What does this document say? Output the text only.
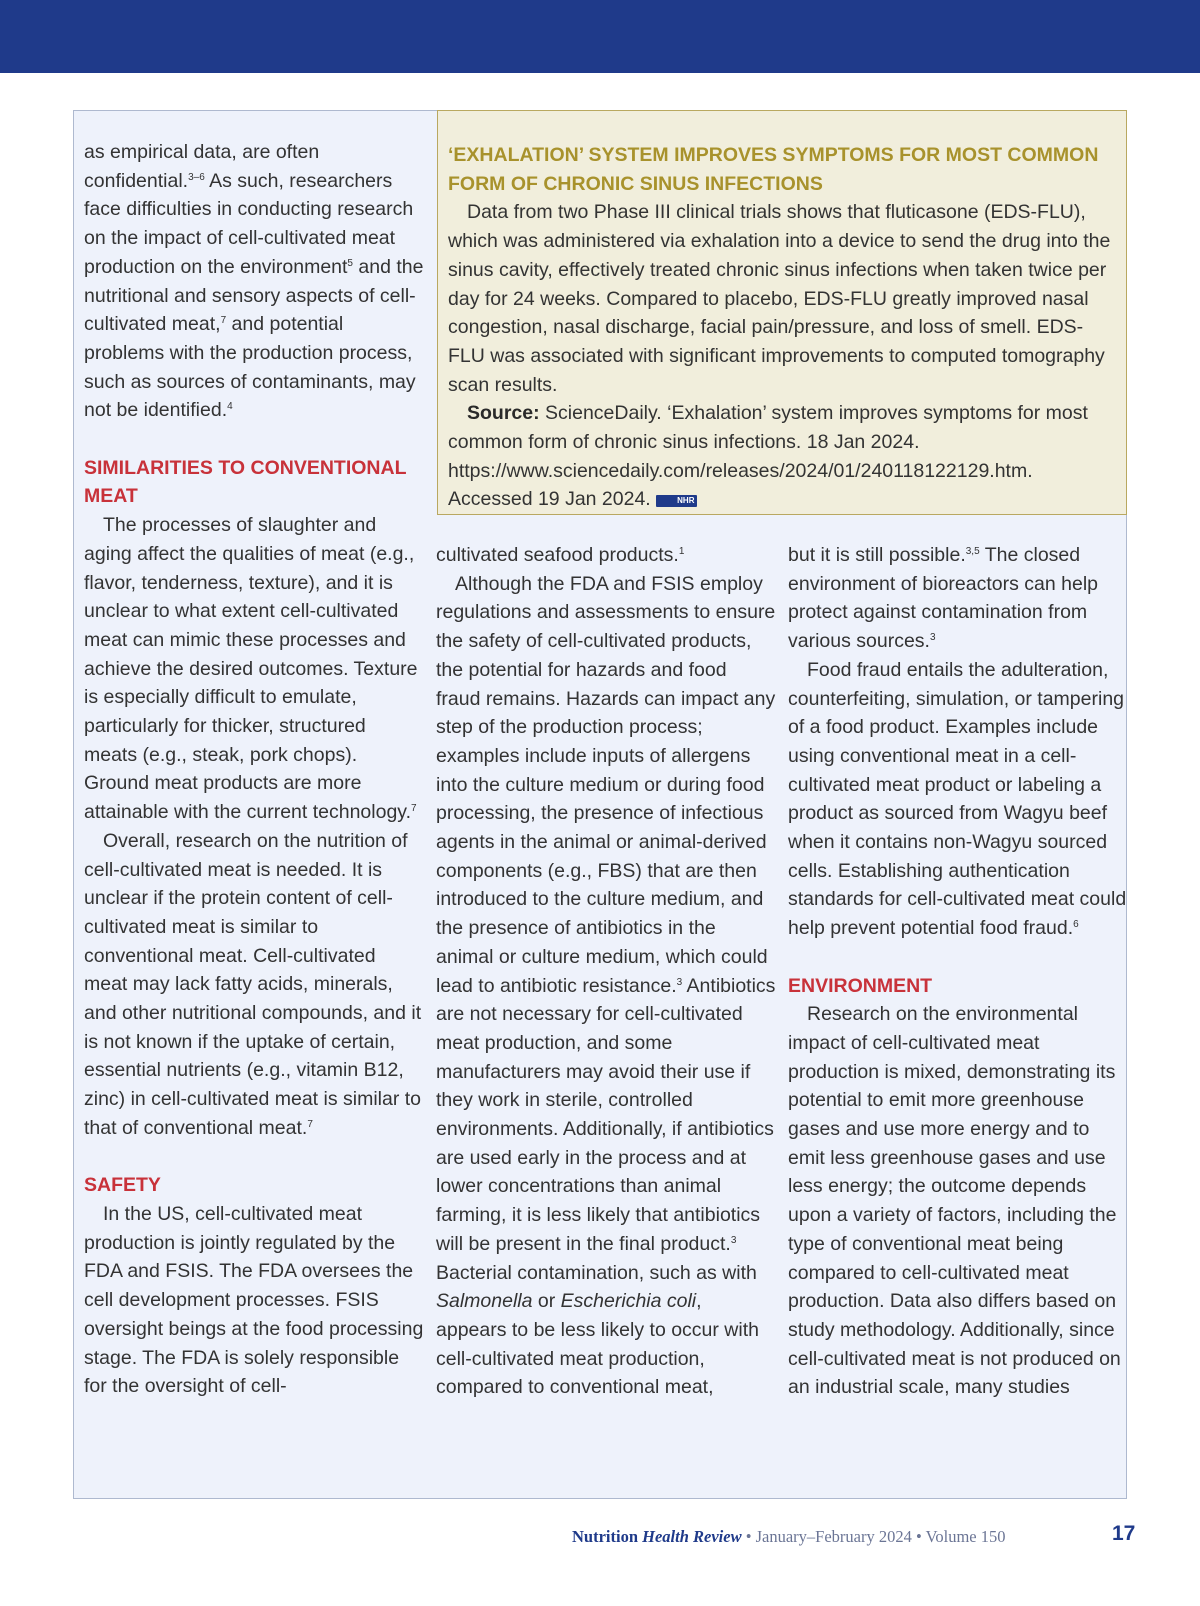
as empirical data, are often confidential.$^{3-6}$ As such, researchers face difficulties in conducting research on the impact of cell-cultivated meat production on the environment$^5$ and the nutritional and sensory aspects of cell-cultivated meat,$^7$ and potential problems with the production process, such as sources of contaminants, may not be identified.$^4$

SIMILARITIES TO CONVENTIONAL MEAT

The processes of slaughter and aging affect the qualities of meat (e.g., flavor, tenderness, texture), and it is unclear to what extent cell-cultivated meat can mimic these processes and achieve the desired outcomes. Texture is especially difficult to emulate, particularly for thicker, structured meats (e.g., steak, pork chops). Ground meat products are more attainable with the current technology.$^7$

Overall, research on the nutrition of cell-cultivated meat is needed. It is unclear if the protein content of cell-cultivated meat is similar to conventional meat. Cell-cultivated meat may lack fatty acids, minerals, and other nutritional compounds, and it is not known if the uptake of certain, essential nutrients (e.g., vitamin B12, zinc) in cell-cultivated meat is similar to that of conventional meat.$^7$

SAFETY

In the US, cell-cultivated meat production is jointly regulated by the FDA and FSIS. The FDA oversees the cell development processes. FSIS oversight beings at the food processing stage. The FDA is solely responsible for the oversight of cell-

‘EXHALATION’ SYSTEM IMPROVES SYMPTOMS FOR MOST COMMON FORM OF CHRONIC SINUS INFECTIONS

Data from two Phase III clinical trials shows that fluticasone (EDS-FLU), which was administered via exhalation into a device to send the drug into the sinus cavity, effectively treated chronic sinus infections when taken twice per day for 24 weeks. Compared to placebo, EDS-FLU greatly improved nasal congestion, nasal discharge, facial pain/pressure, and loss of smell. EDS-FLU was associated with significant improvements to computed tomography scan results.

Source: ScienceDaily. ‘Exhalation’ system improves symptoms for most common form of chronic sinus infections. 18 Jan 2024. https://www.sciencedaily.com/releases/2024/01/240118122129.htm. Accessed 19 Jan 2024.	NHR

cultivated seafood products.$^1$

Although the FDA and FSIS employ regulations and assessments to ensure the safety of cell-cultivated products, the potential for hazards and food fraud remains. Hazards can impact any step of the production process; examples include inputs of allergens into the culture medium or during food processing, the presence of infectious agents in the animal or animal-derived components (e.g., FBS) that are then introduced to the culture medium, and the presence of antibiotics in the animal or culture medium, which could lead to antibiotic resistance.$^3$ Antibiotics are not necessary for cell-cultivated meat production, and some manufacturers may avoid their use if they work in sterile, controlled environments. Additionally, if antibiotics are used early in the process and at lower concentrations than animal farming, it is less likely that antibiotics will be present in the final product.$^3$ Bacterial contamination, such as with Salmonella or Escherichia coli, appears to be less likely to occur with cell-cultivated meat production, compared to conventional meat,

but it is still possible.$^{3,5}$ The closed environment of bioreactors can help protect against contamination from various sources.$^3$

Food fraud entails the adulteration, counterfeiting, simulation, or tampering of a food product. Examples include using conventional meat in a cell-cultivated meat product or labeling a product as sourced from Wagyu beef when it contains non-Wagyu sourced cells. Establishing authentication standards for cell-cultivated meat could help prevent potential food fraud.$^6$

ENVIRONMENT

Research on the environmental impact of cell-cultivated meat production is mixed, demonstrating its potential to emit more greenhouse gases and use more energy and to emit less greenhouse gases and use less energy; the outcome depends upon a variety of factors, including the type of conventional meat being compared to cell-cultivated meat production. Data also differs based on study methodology. Additionally, since cell-cultivated meat is not produced on an industrial scale, many studies

Nutrition Health Review • January–February 2024 • Volume 150	17
